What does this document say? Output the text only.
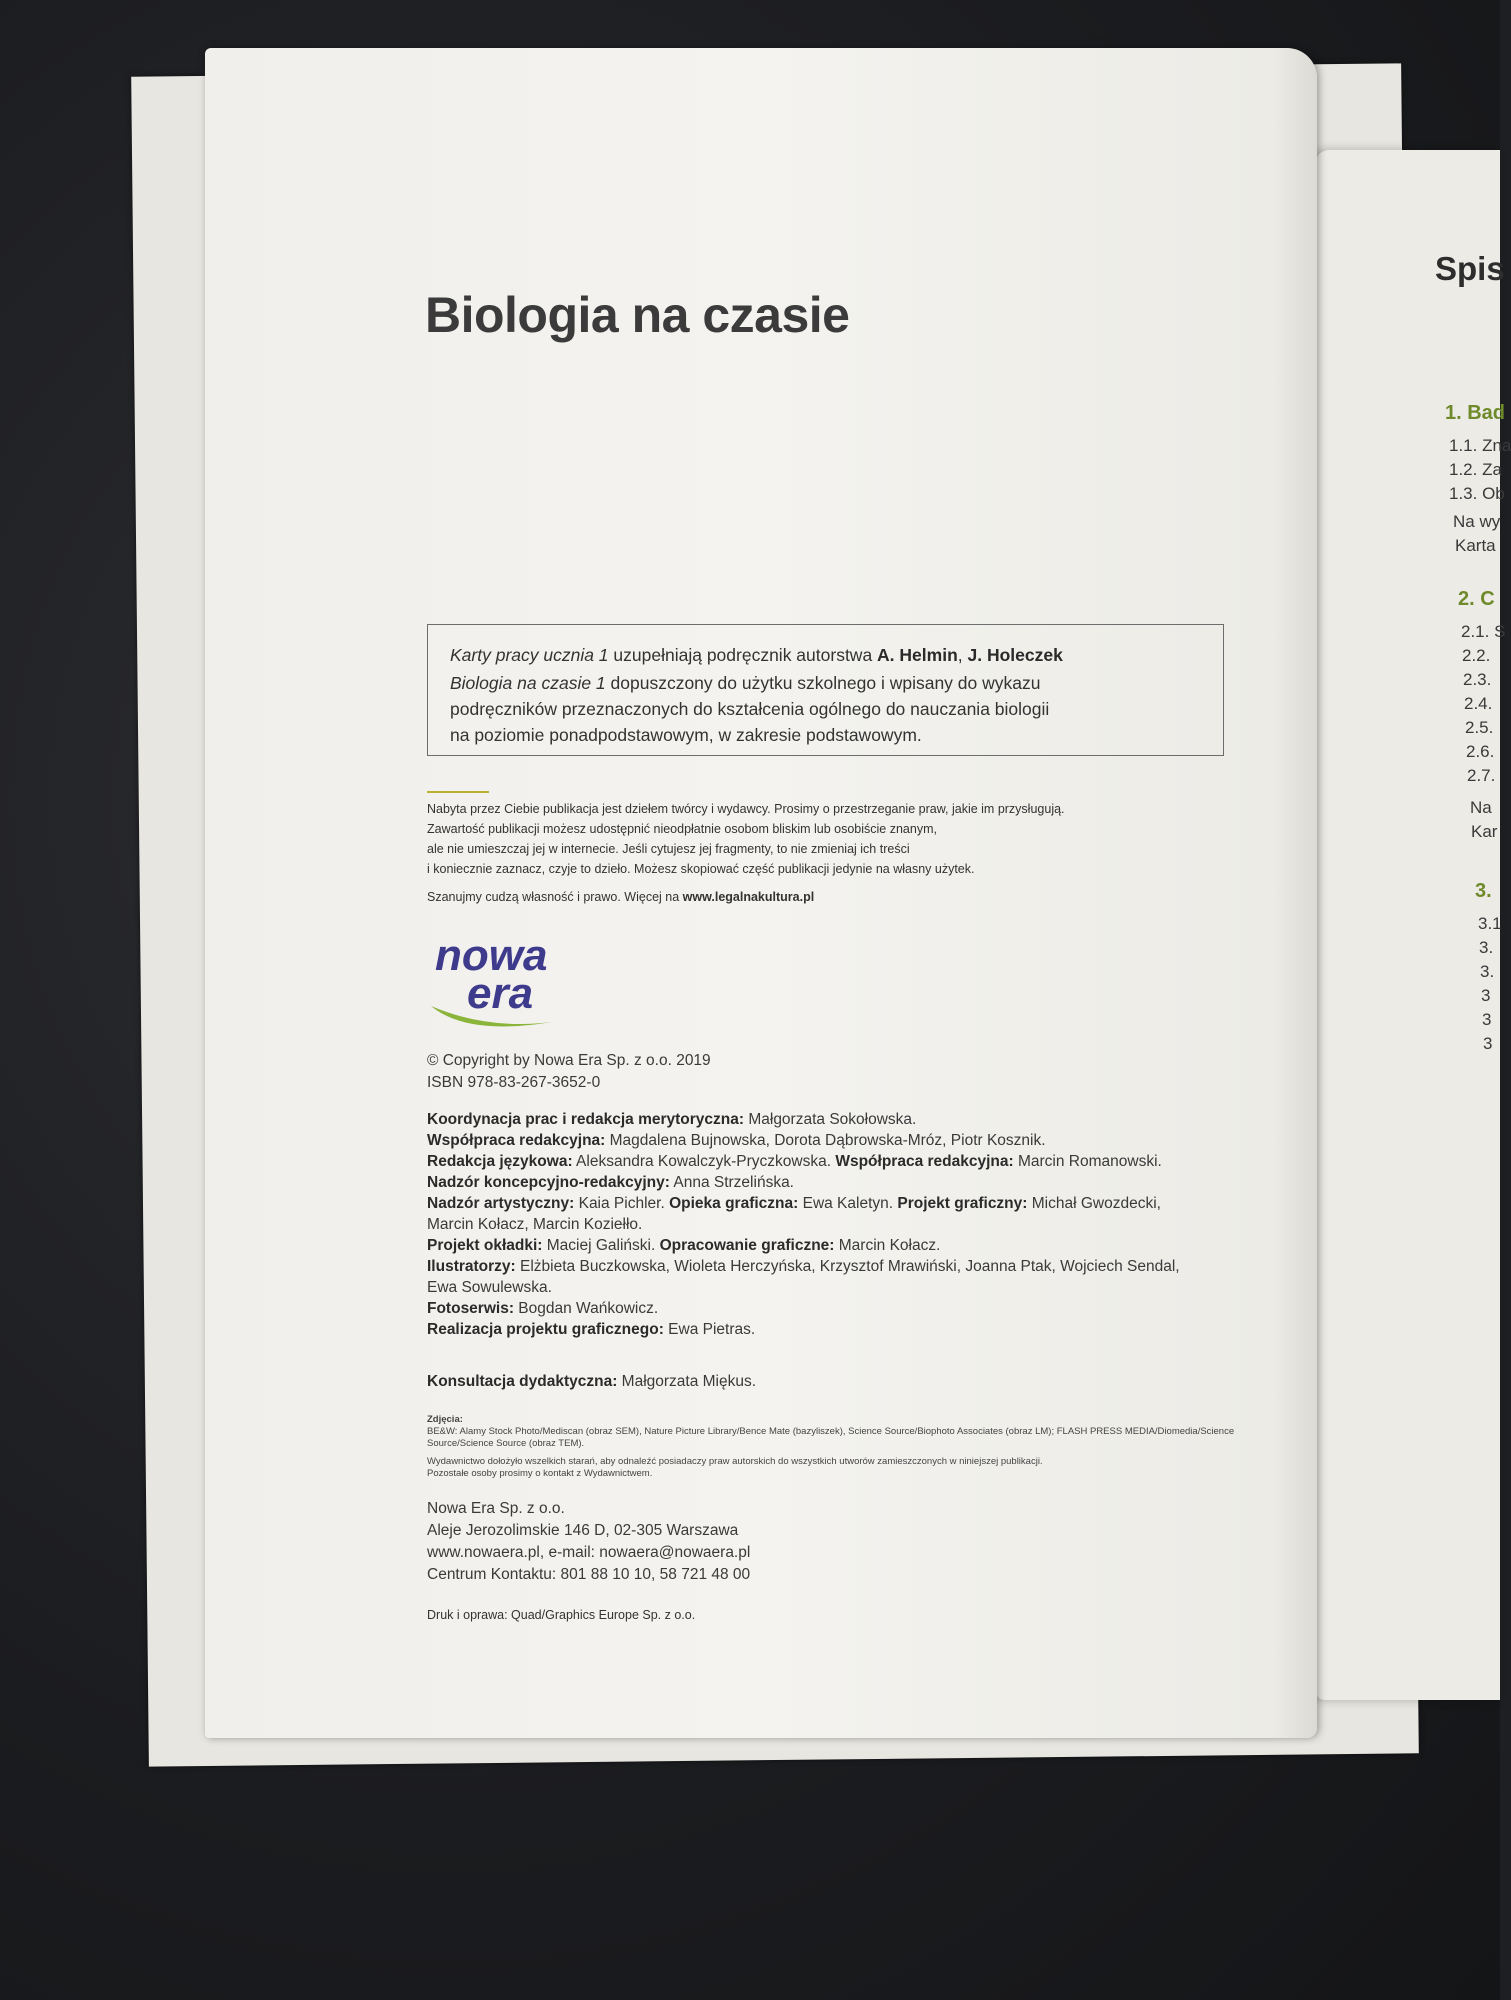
Spis
1. Bad
1.1. Zna
1.2. Za
1.3. Ob
Na wy
Karta
2. C
2.1. S
2.2.
2.3.
2.4.
2.5.
2.6.
2.7.
Na
Kar
3.
3.1
3.
3.
3
3
3
Biologia na czasie

Karty pracy ucznia 1 uzupełniają podręcznik autorstwa A. Helmin, J. Holeczek

Biologia na czasie 1 dopuszczony do użytku szkolnego i wpisany do wykazu

podręczników przeznaczonych do kształcenia ogólnego do nauczania biologii

na poziomie ponadpodstawowym, w zakresie podstawowym.

Nabyta przez Ciebie publikacja jest dziełem twórcy i wydawcy. Prosimy o przestrzeganie praw, jakie im przysługują.
Zawartość publikacji możesz udostępnić nieodpłatnie osobom bliskim lub osobiście znanym,
ale nie umieszczaj jej w internecie. Jeśli cytujesz jej fragmenty, to nie zmieniaj ich treści
i koniecznie zaznacz, czyje to dzieło. Możesz skopiować część publikacji jedynie na własny użytek.
Szanujmy cudzą własność i prawo. Więcej na www.legalnakultura.pl
nowa
era
© Copyright by Nowa Era Sp. z o.o. 2019
ISBN 978-83-267-3652-0
Koordynacja prac i redakcja merytoryczna: Małgorzata Sokołowska.
Współpraca redakcyjna: Magdalena Bujnowska, Dorota Dąbrowska-Mróz, Piotr Kosznik.
Redakcja językowa: Aleksandra Kowalczyk-Pryczkowska. Współpraca redakcyjna: Marcin Romanowski.
Nadzór koncepcyjno-redakcyjny: Anna Strzelińska.
Nadzór artystyczny: Kaia Pichler. Opieka graficzna: Ewa Kaletyn. Projekt graficzny: Michał Gwozdecki,
Marcin Kołacz, Marcin Koziełło.
Projekt okładki: Maciej Galiński. Opracowanie graficzne: Marcin Kołacz.
Ilustratorzy: Elżbieta Buczkowska, Wioleta Herczyńska, Krzysztof Mrawiński, Joanna Ptak, Wojciech Sendal,
Ewa Sowulewska.
Fotoserwis: Bogdan Wańkowicz.
Realizacja projektu graficznego: Ewa Pietras.
Konsultacja dydaktyczna: Małgorzata Miękus.
Zdjęcia:
BE&W: Alamy Stock Photo/Mediscan (obraz SEM), Nature Picture Library/Bence Mate (bazyliszek), Science Source/Biophoto Associates (obraz LM); FLASH PRESS MEDIA/Diomedia/Science
Source/Science Source (obraz TEM).
Wydawnictwo dołożyło wszelkich starań, aby odnaleźć posiadaczy praw autorskich do wszystkich utworów zamieszczonych w niniejszej publikacji.
Pozostałe osoby prosimy o kontakt z Wydawnictwem.
Nowa Era Sp. z o.o.
Aleje Jerozolimskie 146 D, 02-305 Warszawa
www.nowaera.pl, e-mail: nowaera@nowaera.pl
Centrum Kontaktu: 801 88 10 10, 58 721 48 00
Druk i oprawa: Quad/Graphics Europe Sp. z o.o.
